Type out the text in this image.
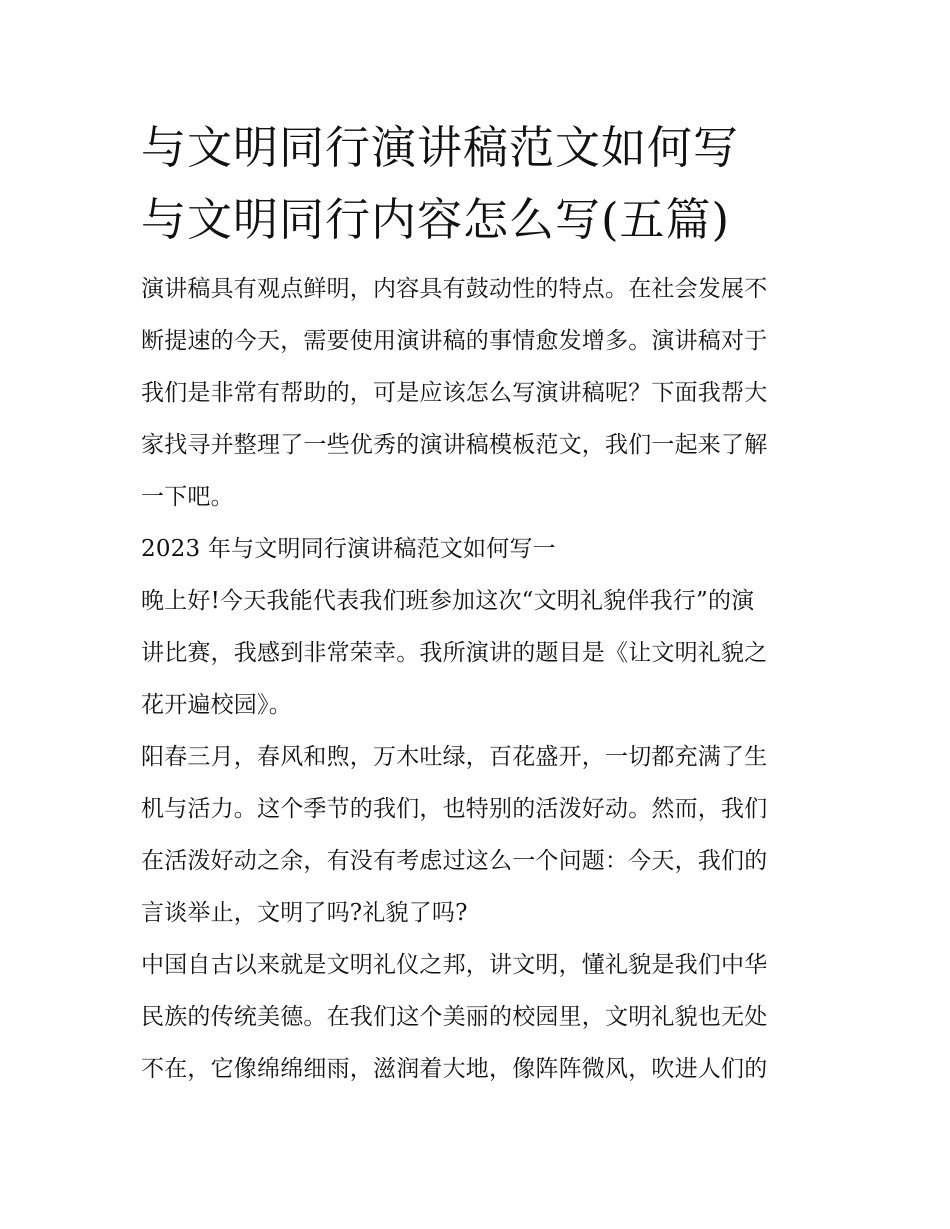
与文明同行演讲稿范文如何写
与文明同行内容怎么写(五篇)

演讲稿具有观点鲜明，内容具有鼓动性的特点。在社会发展不

断提速的今天，需要使用演讲稿的事情愈发增多。演讲稿对于

我们是非常有帮助的，可是应该怎么写演讲稿呢？下面我帮大

家找寻并整理了一些优秀的演讲稿模板范文，我们一起来了解

一下吧。

2023 年与文明同行演讲稿范文如何写一

晚上好!今天我能代表我们班参加这次“文明礼貌伴我行”的演

讲比赛，我感到非常荣幸。我所演讲的题目是《让文明礼貌之

花开遍校园》。

阳春三月，春风和煦，万木吐绿，百花盛开，一切都充满了生

机与活力。这个季节的我们，也特别的活泼好动。然而，我们

在活泼好动之余，有没有考虑过这么一个问题：今天，我们的

言谈举止，文明了吗?礼貌了吗?

中国自古以来就是文明礼仪之邦，讲文明，懂礼貌是我们中华

民族的传统美德。在我们这个美丽的校园里，文明礼貌也无处

不在，它像绵绵细雨，滋润着大地，像阵阵微风，吹进人们的
